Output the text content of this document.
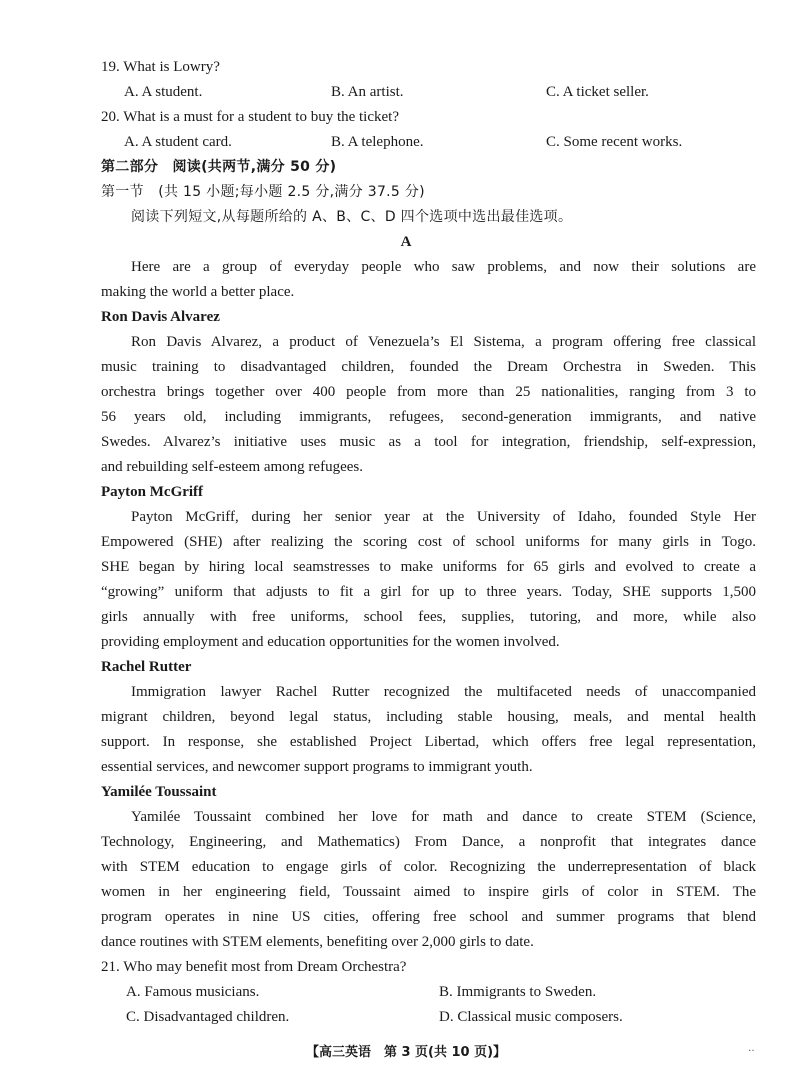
19. What is Lowry?
A. A student.	B. An artist.	C. A ticket seller.
20. What is a must for a student to buy the ticket?
A. A student card.	B. A telephone.	C. Some recent works.
第二部分　阅读(共两节,满分 50 分)
第一节　(共 15 小题;每小题 2.5 分,满分 37.5 分)
阅读下列短文,从每题所给的 A、B、C、D 四个选项中选出最佳选项。
A
Here are a group of everyday people who saw problems, and now their solutions are
making the world a better place.
Ron Davis Alvarez
Ron Davis Alvarez, a product of Venezuela’s El Sistema, a program offering free classical
music training to disadvantaged children, founded the Dream Orchestra in Sweden. This
orchestra brings together over 400 people from more than 25 nationalities, ranging from 3 to
56 years old, including immigrants, refugees, second-generation immigrants, and native
Swedes. Alvarez’s initiative uses music as a tool for integration, friendship, self-expression,
and rebuilding self-esteem among refugees.
Payton McGriff
Payton McGriff, during her senior year at the University of Idaho, founded Style Her
Empowered (SHE) after realizing the scoring cost of school uniforms for many girls in Togo.
SHE began by hiring local seamstresses to make uniforms for 65 girls and evolved to create a
“growing” uniform that adjusts to fit a girl for up to three years. Today, SHE supports 1,500
girls annually with free uniforms, school fees, supplies, tutoring, and more, while also
providing employment and education opportunities for the women involved.
Rachel Rutter
Immigration lawyer Rachel Rutter recognized the multifaceted needs of unaccompanied
migrant children, beyond legal status, including stable housing, meals, and mental health
support. In response, she established Project Libertad, which offers free legal representation,
essential services, and newcomer support programs to immigrant youth.
Yamilée Toussaint
Yamilée Toussaint combined her love for math and dance to create STEM (Science,
Technology, Engineering, and Mathematics) From Dance, a nonprofit that integrates dance
with STEM education to engage girls of color. Recognizing the underrepresentation of black
women in her engineering field, Toussaint aimed to inspire girls of color in STEM. The
program operates in nine US cities, offering free school and summer programs that blend
dance routines with STEM elements, benefiting over 2,000 girls to date.
21. Who may benefit most from Dream Orchestra?
A. Famous musicians.	B. Immigrants to Sweden.
C. Disadvantaged children.	D. Classical music composers.
【高三英语　第 3 页(共 10 页)】	‥
